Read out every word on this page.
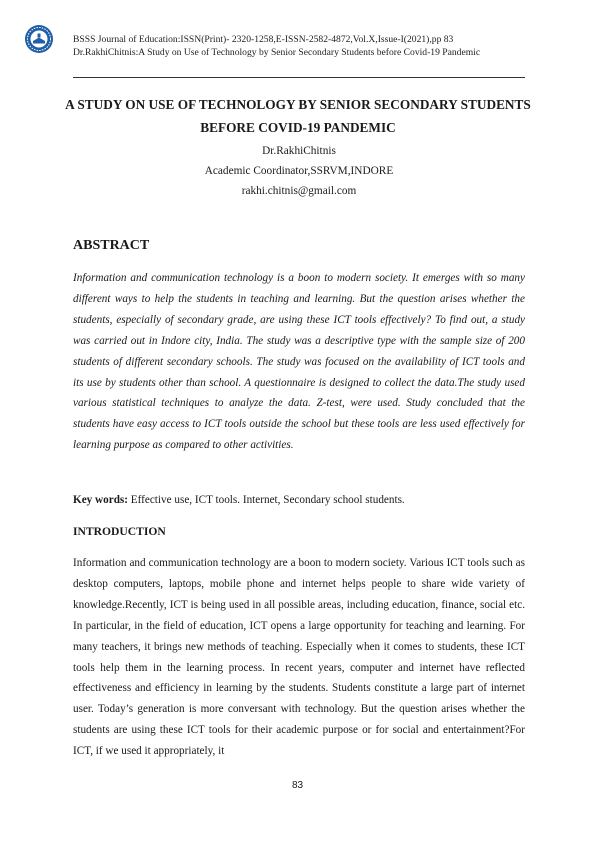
BSSS Journal of Education:ISSN(Print)- 2320-1258,E-ISSN-2582-4872,Vol.X,Issue-I(2021),pp 83
Dr.RakhiChitnis:A Study on Use of Technology by Senior Secondary Students before Covid-19 Pandemic
A STUDY ON USE OF TECHNOLOGY BY SENIOR SECONDARY STUDENTS BEFORE COVID-19 PANDEMIC
Dr.RakhiChitnis
Academic Coordinator,SSRVM,INDORE
rakhi.chitnis@gmail.com
ABSTRACT

Information and communication technology is a boon to modern society. It emerges with so many different ways to help the students in teaching and learning. But the question arises whether the students, especially of secondary grade, are using these ICT tools effectively? To find out, a study was carried out in Indore city, India. The study was a descriptive type with the sample size of 200 students of different secondary schools. The study was focused on the availability of ICT tools and its use by students other than school. A questionnaire is designed to collect the data.The study used various statistical techniques to analyze the data. Z-test, were used. Study concluded that the students have easy access to ICT tools outside the school but these tools are less used effectively for learning purpose as compared to other activities.

Key words: Effective use, ICT tools. Internet, Secondary school students.

INTRODUCTION

Information and communication technology are a boon to modern society. Various ICT tools such as desktop computers, laptops, mobile phone and internet helps people to share wide variety of knowledge.Recently, ICT is being used in all possible areas, including education, finance, social etc. In particular, in the field of education, ICT opens a large opportunity for teaching and learning. For many teachers, it brings new methods of teaching. Especially when it comes to students, these ICT tools help them in the learning process. In recent years, computer and internet have reflected effectiveness and efficiency in learning by the students. Students constitute a large part of internet user. Today’s generation is more conversant with technology. But the question arises whether the students are using these ICT tools for their academic purpose or for social and entertainment?For ICT, if we used it appropriately, it

83
